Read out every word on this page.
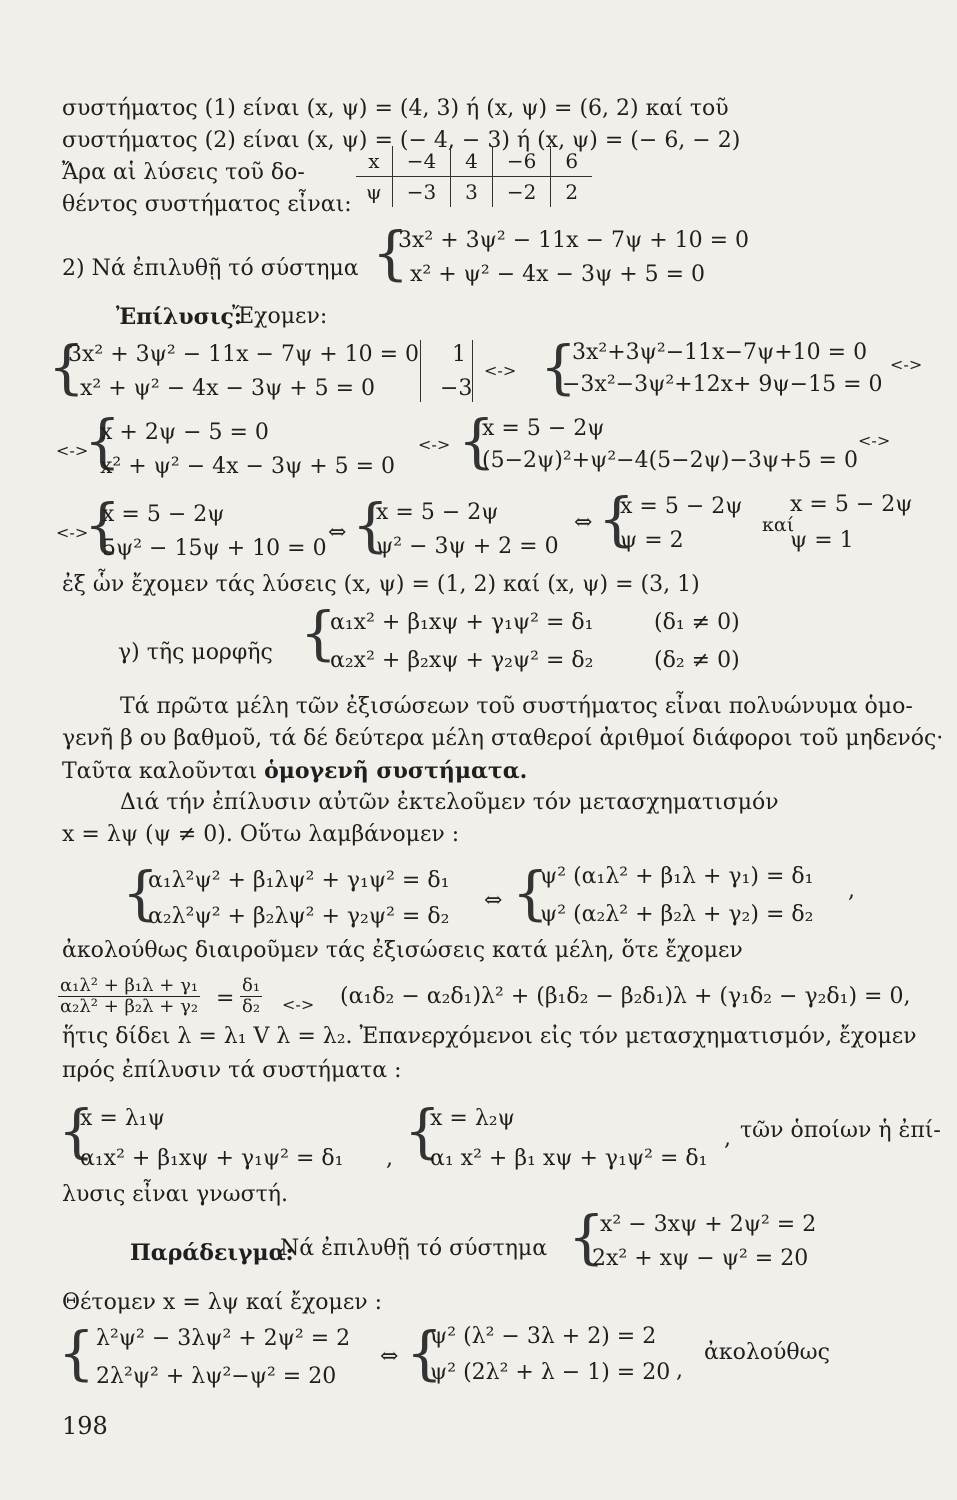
συστήματος (1) είναι (x, ψ) = (4, 3) ή (x, ψ) = (6, 2) καί τοῦ
συστήματος (2) είναι (x, ψ) = (− 4, − 3) ή (x, ψ) = (− 6, − 2)
Ἄρα αἱ λύσεις τοῦ δο-
θέντος συστήματος εἶναι:
x	−4	4	−6	6
ψ	−3	3	−2	2
2) Νά ἐπιλυθῇ τό σύστημα {
3x² + 3ψ² − 11x − 7ψ + 10 = 0
x² + ψ² − 4x − 3ψ + 5 = 0
Ἐπίλυσις:
Ἔχομεν:
{
3x² + 3ψ² − 11x − 7ψ + 10 = 0
x² + ψ² − 4x − 3ψ + 5 = 0
1
−3
<-> {
3x²+3ψ²−11x−7ψ+10 = 0
−3x²−3ψ²+12x+ 9ψ−15 = 0
<->
<->
{
x + 2ψ − 5 = 0
x² + ψ² − 4x − 3ψ + 5 = 0
<-> {
x = 5 − 2ψ
(5−2ψ)²+ψ²−4(5−2ψ)−3ψ+5 = 0
<->
<->
{
x = 5 − 2ψ
5ψ² − 15ψ + 10 = 0
⇔ {
x = 5 − 2ψ
ψ² − 3ψ + 2 = 0
⇔ {
x = 5 − 2ψ
ψ = 2
καί
x = 5 − 2ψ
ψ = 1
ἐξ ὧν ἔχομεν τάς λύσεις (x, ψ) = (1, 2) καί (x, ψ) = (3, 1)
γ) τῆς μορφῆς {
α₁x² + β₁xψ + γ₁ψ² = δ₁
α₂x² + β₂xψ + γ₂ψ² = δ₂
(δ₁ ≠ 0)
(δ₂ ≠ 0)
Τά πρῶτα μέλη τῶν ἐξισώσεων τοῦ συστήματος εἶναι πολυώνυμα ὁμο-
γενῆ β ου βαθμοῦ, τά δέ δεύτερα μέλη σταθεροί ἀριθμοί διάφοροι τοῦ μηδενός·
Ταῦτα καλοῦνται ὁμογενῆ συστήματα.
Διά τήν ἐπίλυσιν αὐτῶν ἐκτελοῦμεν τόν μετασχηματισμόν
x = λψ (ψ ≠ 0). Οὕτω λαμβάνομεν :
{
α₁λ²ψ² + β₁λψ² + γ₁ψ² = δ₁
α₂λ²ψ² + β₂λψ² + γ₂ψ² = δ₂
⇔ {
ψ² (α₁λ² + β₁λ + γ₁) = δ₁
ψ² (α₂λ² + β₂λ + γ₂) = δ₂
,
ἀκολούθως διαιροῦμεν τάς ἐξισώσεις κατά μέλη, ὅτε ἔχομεν
$\frac{\text{α₁λ² + β₁λ + γ₁}}{\text{α₂λ² + β₂λ + γ₂}} = \frac{\text{δ₁}}{\text{δ₂}}$ <-> (α₁δ₂ − α₂δ₁)λ² + (β₁δ₂ − β₂δ₁)λ + (γ₁δ₂ − γ₂δ₁) = 0,
ἥτις δίδει λ = λ₁ V λ = λ₂. Ἐπανερχόμενοι εἰς τόν μετασχηματισμόν, ἔχομεν
πρός ἐπίλυσιν τά συστήματα :
{
x = λ₁ψ
α₁x² + β₁xψ + γ₁ψ² = δ₁ , {
x = λ₂ψ
α₁ x² + β₁ xψ + γ₁ψ² = δ₁
, τῶν ὁποίων ἡ ἐπί-
λυσις εἶναι γνωστή.
Παράδειγμα:
Νά ἐπιλυθῇ τό σύστημα {
x² − 3xψ + 2ψ² = 2
2x² + xψ − ψ² = 20
Θέτομεν x = λψ καί ἔχομεν :
{ λ²ψ² − 3λψ² + 2ψ² = 2
2λ²ψ² + λψ²−ψ² = 20
⇔ {
ψ² (λ² − 3λ + 2) = 2
ψ² (2λ² + λ − 1) = 20 ,
ἀκολούθως
198
